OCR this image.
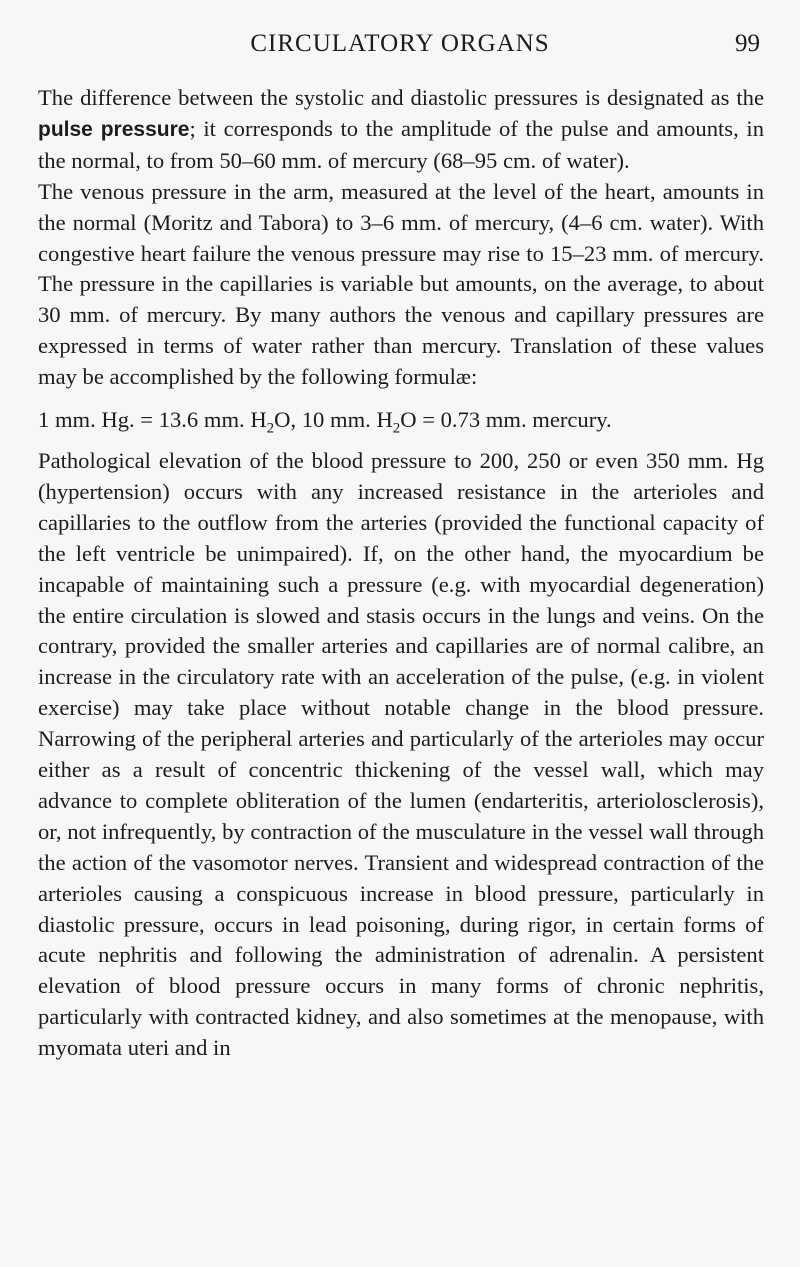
CIRCULATORY ORGANS	99

The difference between the systolic and diastolic pressures is designated as the pulse pressure; it corresponds to the amplitude of the pulse and amounts, in the normal, to from 50–60 mm. of mercury (68–95 cm. of water).

The venous pressure in the arm, measured at the level of the heart, amounts in the normal (Moritz and Tabora) to 3–6 mm. of mercury, (4–6 cm. water). With congestive heart failure the venous pressure may rise to 15–23 mm. of mercury. The pressure in the capillaries is variable but amounts, on the average, to about 30 mm. of mercury. By many authors the venous and capillary pressures are expressed in terms of water rather than mercury. Translation of these values may be accomplished by the following formulæ:

1 mm. Hg. = 13.6 mm. $H_2O$, 10 mm. $H_2O = 0.73$ mm. mercury.

Pathological elevation of the blood pressure to 200, 250 or even 350 mm. Hg (hypertension) occurs with any increased resistance in the arterioles and capillaries to the outflow from the arteries (provided the functional capacity of the left ventricle be unimpaired). If, on the other hand, the myocardium be incapable of maintaining such a pressure (e.g. with myocardial degeneration) the entire circulation is slowed and stasis occurs in the lungs and veins. On the contrary, provided the smaller arteries and capillaries are of normal calibre, an increase in the circulatory rate with an acceleration of the pulse, (e.g. in violent exercise) may take place without notable change in the blood pressure. Narrowing of the peripheral arteries and particularly of the arterioles may occur either as a result of concentric thickening of the vessel wall, which may advance to complete obliteration of the lumen (endarteritis, arteriolosclerosis), or, not infrequently, by contraction of the musculature in the vessel wall through the action of the vasomotor nerves. Transient and widespread contraction of the arterioles causing a conspicuous increase in blood pressure, particularly in diastolic pressure, occurs in lead poisoning, during rigor, in certain forms of acute nephritis and following the administration of adrenalin. A persistent elevation of blood pressure occurs in many forms of chronic nephritis, particularly with contracted kidney, and also sometimes at the menopause, with myomata uteri and in
